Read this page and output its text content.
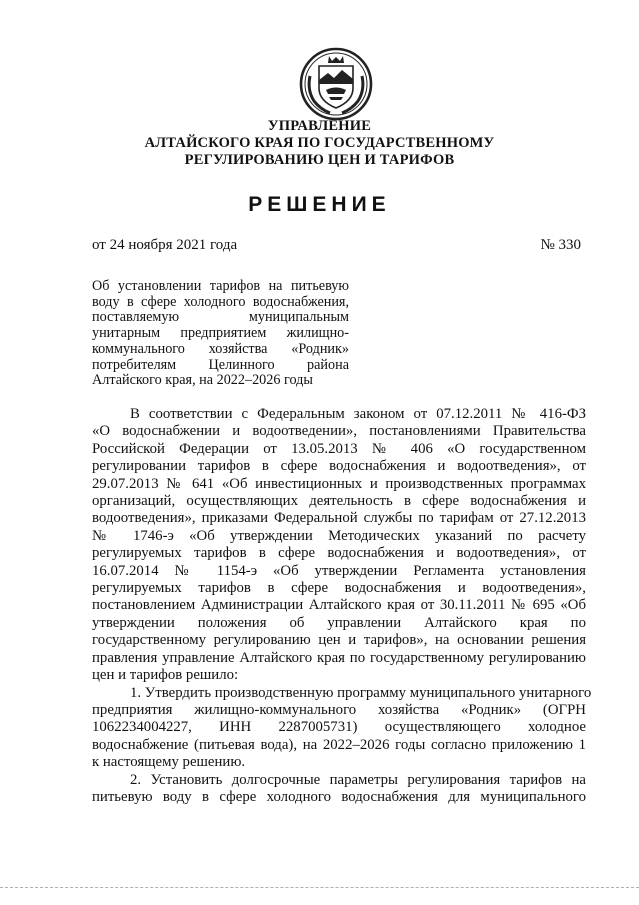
УПРАВЛЕНИЕ
АЛТАЙСКОГО КРАЯ ПО ГОСУДАРСТВЕННОМУ
РЕГУЛИРОВАНИЮ ЦЕН И ТАРИФОВ
РЕШЕНИЕ
от 24 ноября 2021 года	№ 330
Об установлении тарифов на питьевую
воду в сфере холодного водоснабжения,
поставляемую муниципальным
унитарным предприятием жилищно-
коммунального хозяйства «Родник»
потребителям Целинного района
Алтайского края, на 2022–2026 годы
В соответствии с Федеральным законом от 07.12.2011 № 416-ФЗ
«О водоснабжении и водоотведении», постановлениями Правительства
Российской Федерации от 13.05.2013 № 406 «О государственном
регулировании тарифов в сфере водоснабжения и водоотведения», от
29.07.2013 № 641 «Об инвестиционных и производственных программах
организаций, осуществляющих деятельность в сфере водоснабжения и
водоотведения», приказами Федеральной службы по тарифам от 27.12.2013
№ 1746-э «Об утверждении Методических указаний по расчету
регулируемых тарифов в сфере водоснабжения и водоотведения», от
16.07.2014 № 1154-э «Об утверждении Регламента установления
регулируемых тарифов в сфере водоснабжения и водоотведения»,
постановлением Администрации Алтайского края от 30.11.2011 № 695 «Об
утверждении положения об управлении Алтайского края по
государственному регулированию цен и тарифов», на основании решения
правления управление Алтайского края по государственному регулированию
цен и тарифов решило:
1. Утвердить производственную программу муниципального унитарного
предприятия жилищно-коммунального хозяйства «Родник» (ОГРН
1062234004227, ИНН 2287005731) осуществляющего холодное
водоснабжение (питьевая вода), на 2022–2026 годы согласно приложению 1
к настоящему решению.
2. Установить долгосрочные параметры регулирования тарифов на
питьевую воду в сфере холодного водоснабжения для муниципального
